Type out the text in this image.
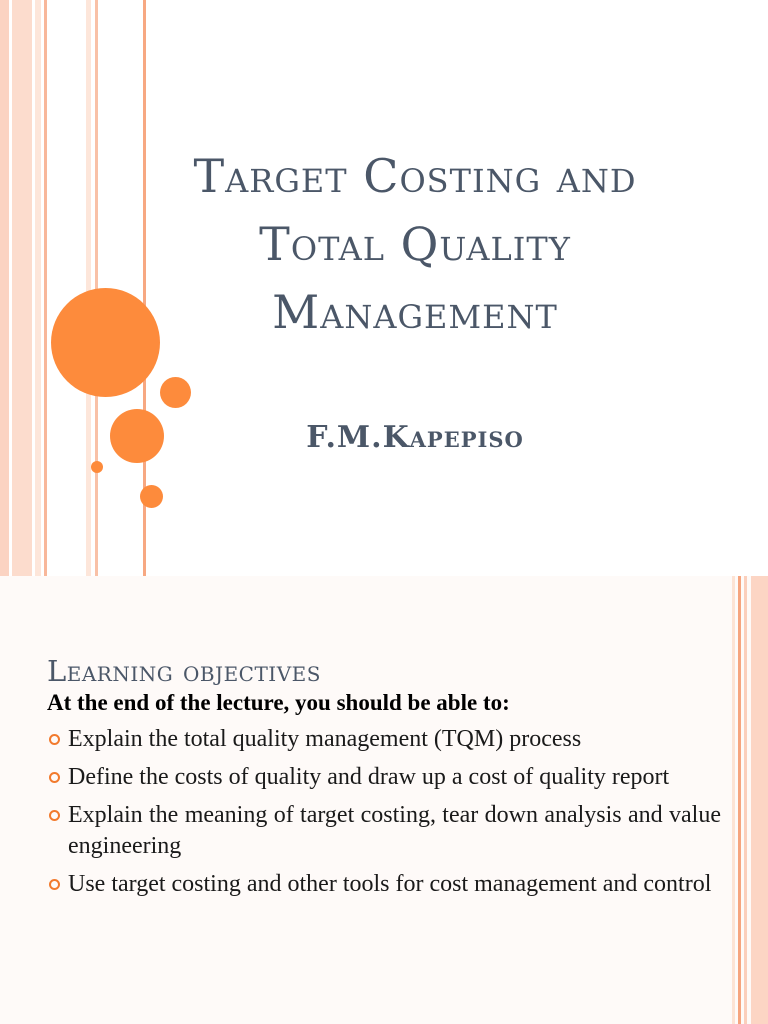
Target Costing and
Total Quality
Management
F.M.Kapepiso
Learning objectives
At the end of the lecture, you should be able to:
Explain the total quality management (TQM) process
Define the costs of quality and draw up a cost of quality report
Explain the meaning of target costing, tear down analysis and value engineering
Use target costing and other tools for cost management and control
